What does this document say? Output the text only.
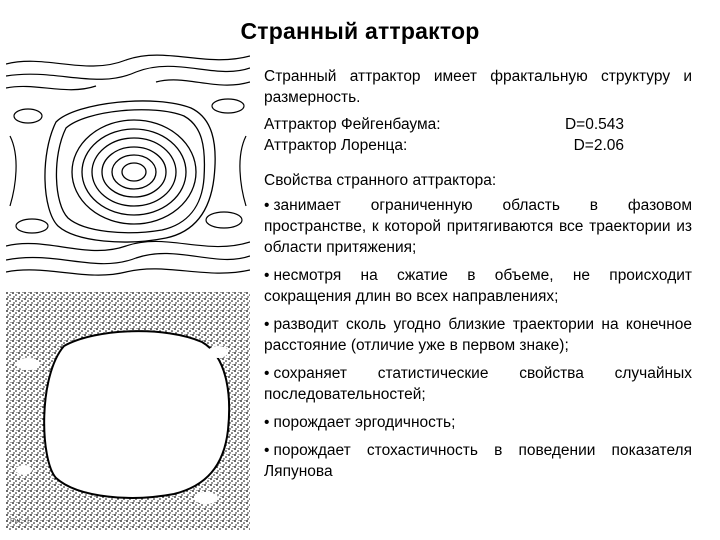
Странный аттрактор
Рис. 1

Странный аттрактор имеет фрактальную структуру и размерность.

Аттрактор Фейгенбаума:	D=0.543
Аттрактор Лоренца:	D=2.06

Свойства странного аттрактора:

• занимает ограниченную область в фазовом пространстве, к которой притягиваются все траектории из области притяжения;

• несмотря на сжатие в объеме, не происходит сокращения длин во всех направлениях;

• разводит сколь угодно близкие траектории на конечное расстояние (отличие уже в первом знаке);

• сохраняет статистические свойства случайных последовательностей;

• порождает эргодичность;

• порождает стохастичность в поведении показателя Ляпунова
